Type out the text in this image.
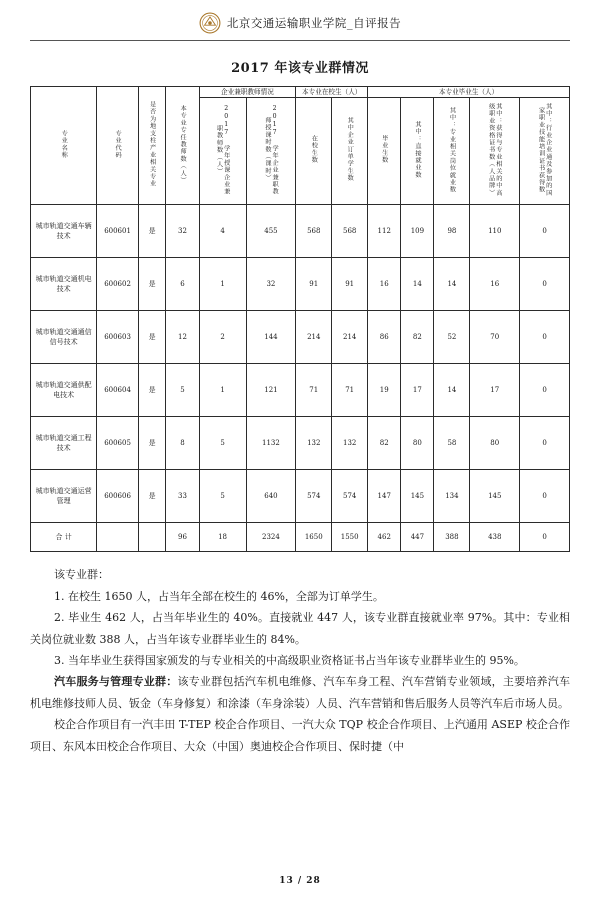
北京交通运输职业学院_自评报告
2017 年该专业群情况
专业名称	专业代码	是否为地支柱产业相关专业	本专业专任教师数（人）	企业兼职教师情况		本专业在校生（人）		本专业毕业生（人）				
				2017 学年授课企业兼职教师数（人）	2017 学年企业兼职教师授课时数（课时）	在校生数	其中企业订单学生数	毕业生数	其中：直接就业数	其中：专业相关岗位就业数	其中：获得与专业相关的中高级职业资格证书数（人品牌）	其中：行业企业通及参加的国家职业技能培训证书获得数
城市轨道交通车辆技术	600601	是	32	4	455	568	568	112	109	98	110	0
城市轨道交通机电技术	600602	是	6	1	32	91	91	16	14	14	16	0
城市轨道交通通信信号技术	600603	是	12	2	144	214	214	86	82	52	70	0
城市轨道交通供配电技术	600604	是	5	1	121	71	71	19	17	14	17	0
城市轨道交通工程技术	600605	是	8	5	1132	132	132	82	80	58	80	0
城市轨道交通运营管理	600606	是	33	5	640	574	574	147	145	134	145	0
合 计			96	18	2324	1650	1550	462	447	388	438	0

该专业群：

1. 在校生 1650 人，占当年全部在校生的 46%，全部为订单学生。

2. 毕业生 462 人，占当年毕业生的 40%。直接就业 447 人，该专业群直接就业率 97%。其中：专业相关岗位就业数 388 人，占当年该专业群毕业生的 84%。

3. 当年毕业生获得国家颁发的与专业相关的中高级职业资格证书占当年该专业群毕业生的 95%。

汽车服务与管理专业群：该专业群包括汽车机电维修、汽车车身工程、汽车营销专业领域，主要培养汽车机电维修技师人员、钣金（车身修复）和涂漆（车身涂装）人员、汽车营销和售后服务人员等汽车后市场人员。

校企合作项目有一汽丰田 T-TEP 校企合作项目、一汽大众 TQP 校企合作项目、上汽通用 ASEP 校企合作项目、东风本田校企合作项目、大众（中国）奥迪校企合作项目、保时捷（中

13 / 28
